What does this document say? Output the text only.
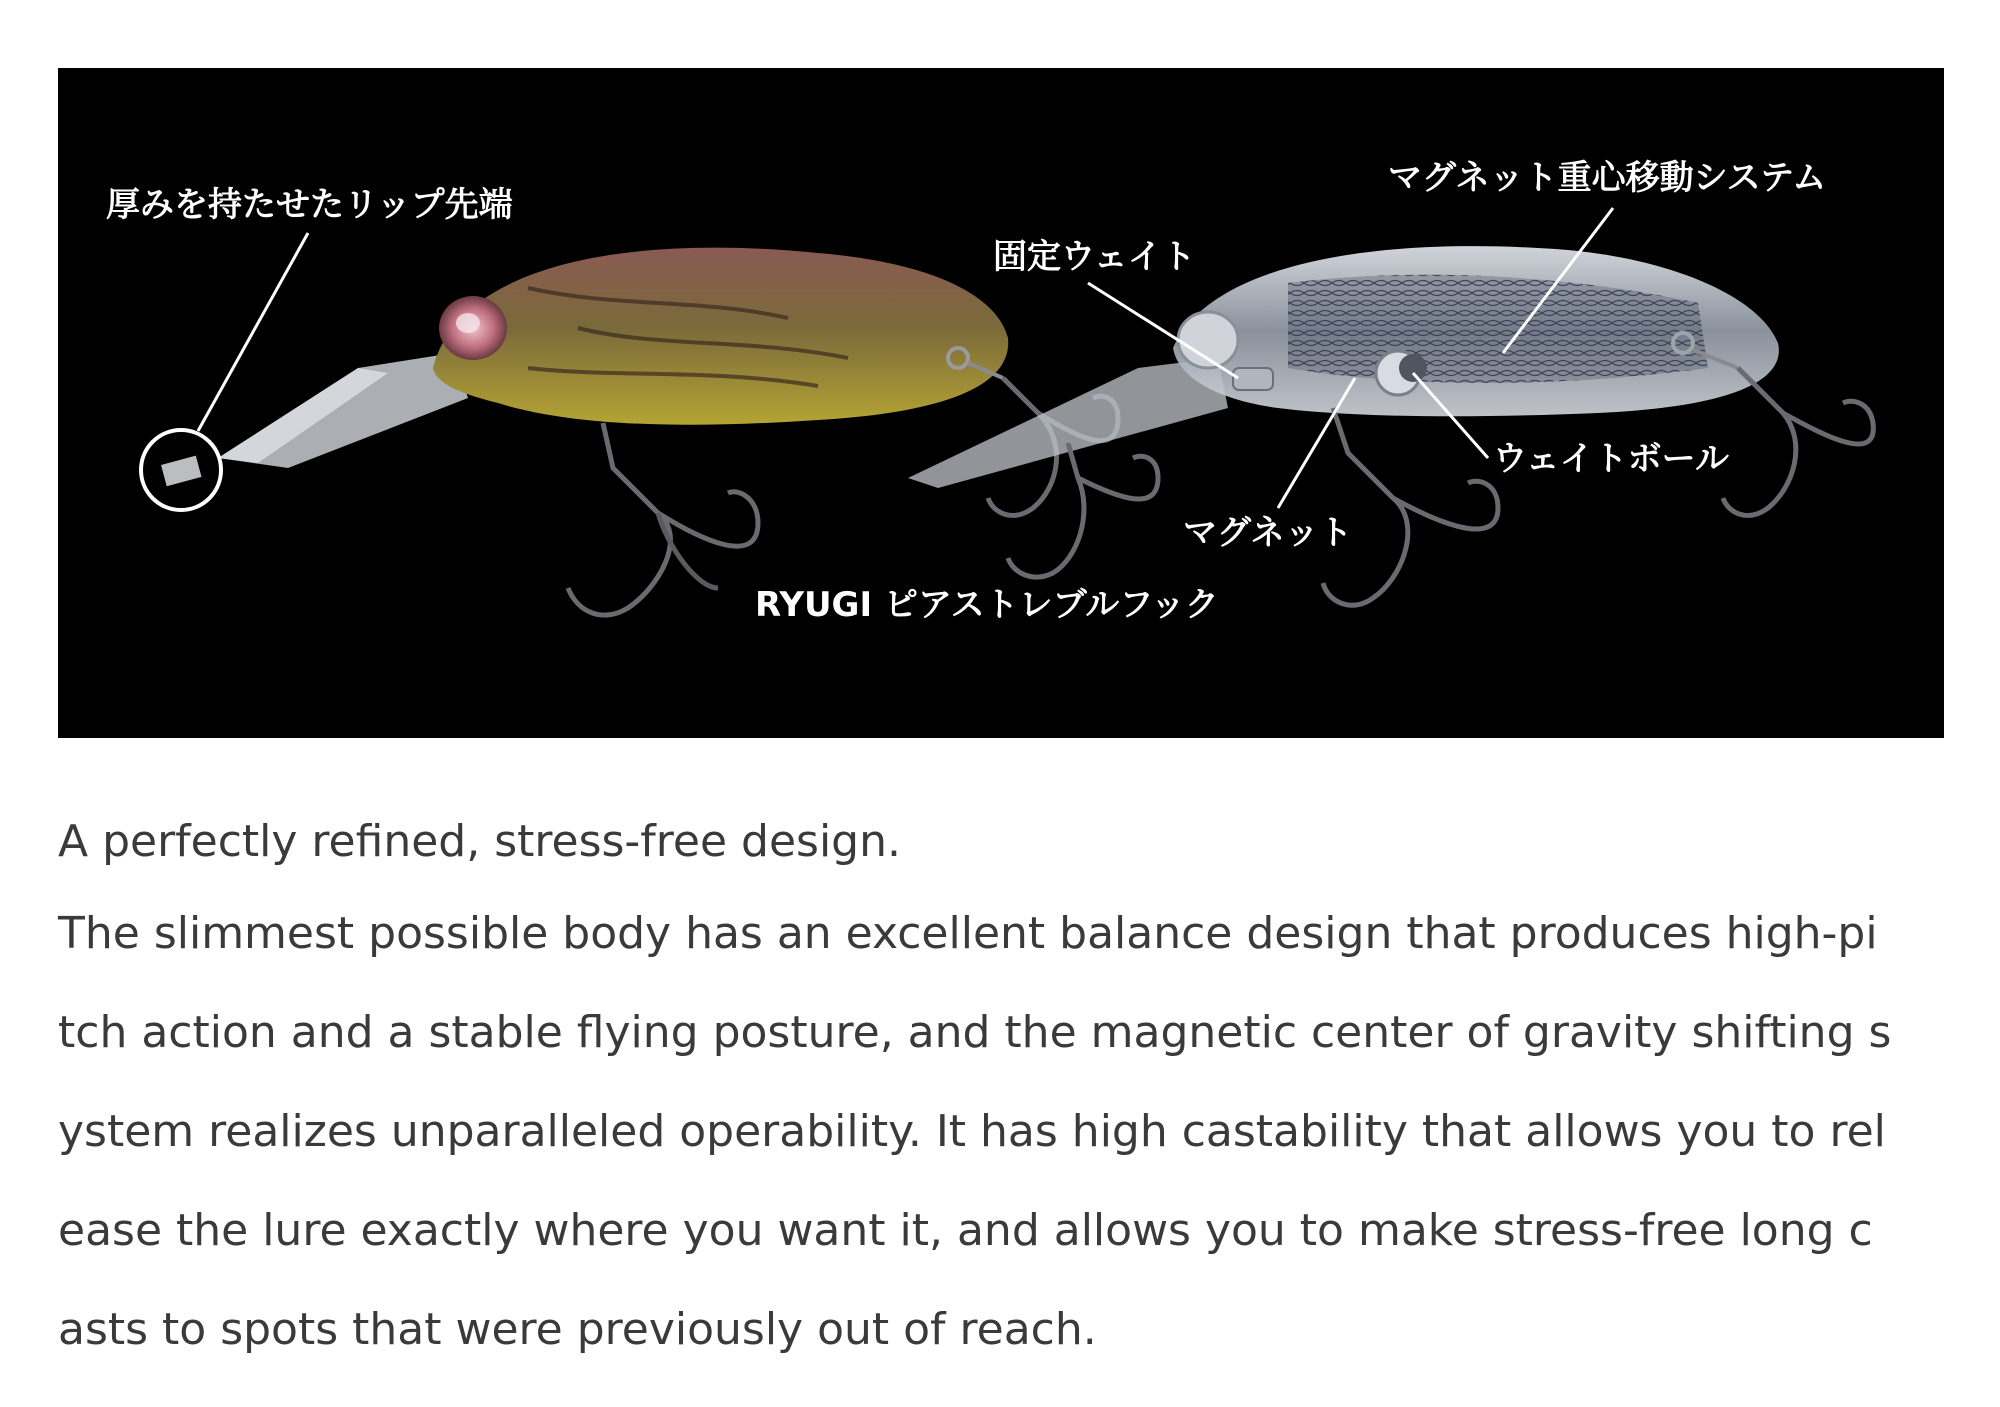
厚みを持たせたリップ先端
マグネット重心移動システム
固定ウェイト
ウェイトボール
マグネット
RYUGI ピアストレブルフック

A perfectly refined, stress-free design.

The slimmest possible body has an excellent balance design that produces high-pi

tch action and a stable flying posture, and the magnetic center of gravity shifting s

ystem realizes unparalleled operability. It has high castability that allows you to rel

ease the lure exactly where you want it, and allows you to make stress-free long c

asts to spots that were previously out of reach.
